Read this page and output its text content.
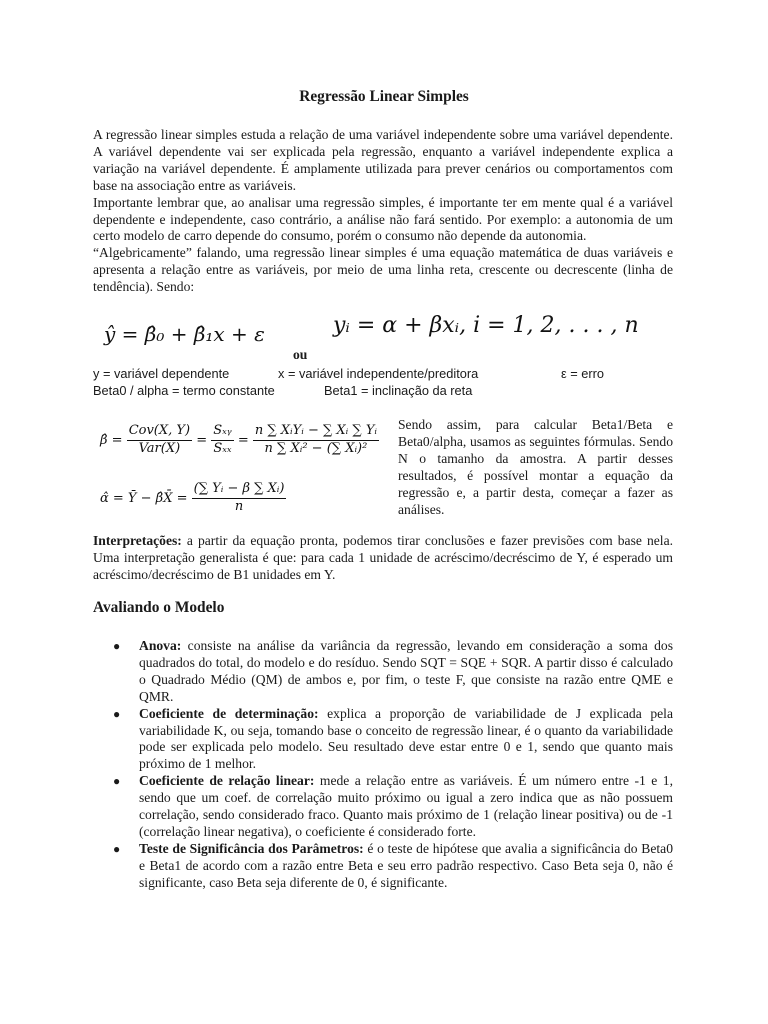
Regressão Linear Simples

A regressão linear simples estuda a relação de uma variável independente sobre uma variável dependente. A variável dependente vai ser explicada pela regressão, enquanto a variável independente explica a variação na variável dependente. É amplamente utilizada para prever cenários ou comportamentos com base na associação entre as variáveis.

Importante lembrar que, ao analisar uma regressão simples, é importante ter em mente qual é a variável dependente e independente, caso contrário, a análise não fará sentido. Por exemplo: a autonomia de um certo modelo de carro depende do consumo, porém o consumo não depende da autonomia.

“Algebricamente” falando, uma regressão linear simples é uma equação matemática de duas variáveis e apresenta a relação entre as variáveis, por meio de uma linha reta, crescente ou decrescente (linha de tendência). Sendo:

ŷ = β̂₀ + β̂₁x + ε
ou
yᵢ = α + βxᵢ, i = 1, 2, . . . , n
y = variável dependente	x = variável independente/preditora	ε = erro
Beta0 / alpha = termo constante	Beta1 = inclinação da reta
β̂ = $\frac{\text{Cov(X, Y)}}{\text{Var(X)}} = \frac{\text{Sₓᵧ}}{\text{Sₓₓ}} = \frac{\text{n ∑ XᵢYᵢ − ∑ Xᵢ ∑ Yᵢ}}{\text{n ∑ Xᵢ² − (∑ Xᵢ)²}}$
α̂ = Ȳ − β̂X̄ = $\frac{\text{(∑ Yᵢ − β ∑ Xᵢ)}}{n}$

Sendo assim, para calcular Beta1/Beta e Beta0/alpha, usamos as seguintes fórmulas. Sendo N o tamanho da amostra. A partir desses resultados, é possível montar a equação da regressão e, a partir desta, começar a fazer as análises.

Interpretações: a partir da equação pronta, podemos tirar conclusões e fazer previsões com base nela. Uma interpretação generalista é que: para cada 1 unidade de acréscimo/decréscimo de Y, é esperado um acréscimo/decréscimo de B1 unidades em Y.

Avaliando o Modelo
● Anova: consiste na análise da variância da regressão, levando em consideração a soma dos quadrados do total, do modelo e do resíduo. Sendo SQT = SQE + SQR. A partir disso é calculado o Quadrado Médio (QM) de ambos e, por fim, o teste F, que consiste na razão entre QME e QMR.
● Coeficiente de determinação: explica a proporção de variabilidade de J explicada pela variabilidade K, ou seja, tomando base o conceito de regressão linear, é o quanto da variabilidade pode ser explicada pelo modelo. Seu resultado deve estar entre 0 e 1, sendo que quanto mais próximo de 1 melhor.
● Coeficiente de relação linear: mede a relação entre as variáveis. É um número entre -1 e 1, sendo que um coef. de correlação muito próximo ou igual a zero indica que as não possuem correlação, sendo considerado fraco. Quanto mais próximo de 1 (relação linear positiva) ou de -1 (correlação linear negativa), o coeficiente é considerado forte.
● Teste de Significância dos Parâmetros: é o teste de hipótese que avalia a significância do Beta0 e Beta1 de acordo com a razão entre Beta e seu erro padrão respectivo. Caso Beta seja 0, não é significante, caso Beta seja diferente de 0, é significante.
